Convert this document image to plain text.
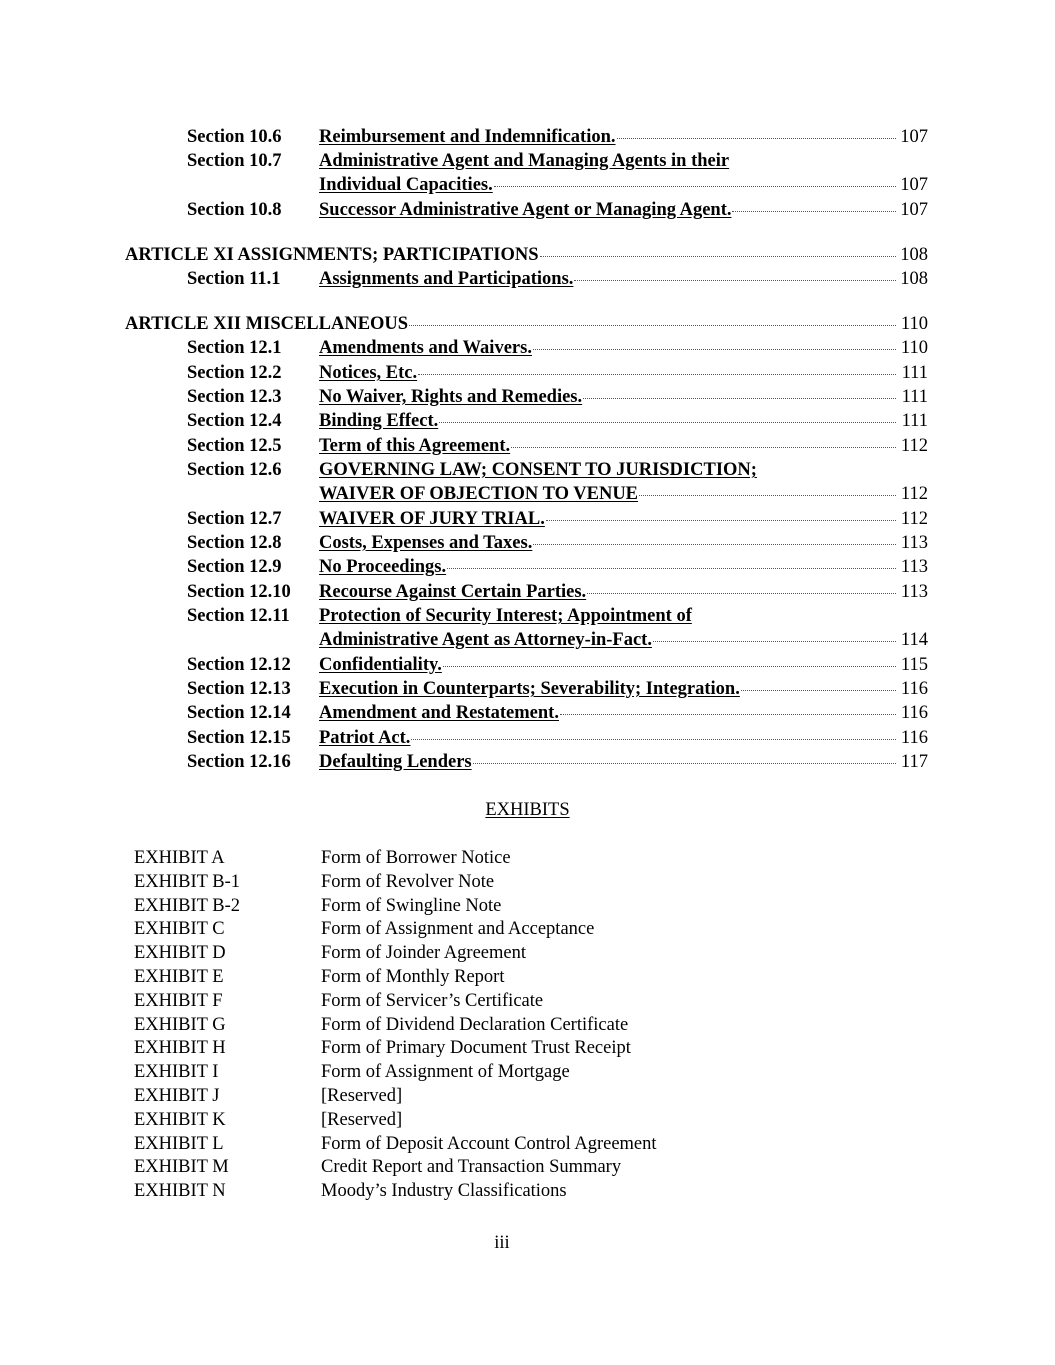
Section 10.6 Reimbursement and Indemnification.	107
Section 10.7 Administrative Agent and Managing Agents in their
Individual Capacities.	107
Section 10.8 Successor Administrative Agent or Managing Agent.	107
ARTICLE XI ASSIGNMENTS; PARTICIPATIONS	108
Section 11.1 Assignments and Participations.	108
ARTICLE XII MISCELLANEOUS	110
Section 12.1 Amendments and Waivers.	110
Section 12.2 Notices, Etc.	111
Section 12.3 No Waiver, Rights and Remedies.	111
Section 12.4 Binding Effect.	111
Section 12.5 Term of this Agreement.	112
Section 12.6 GOVERNING LAW; CONSENT TO JURISDICTION;
WAIVER OF OBJECTION TO VENUE	112
Section 12.7 WAIVER OF JURY TRIAL.	112
Section 12.8 Costs, Expenses and Taxes.	113
Section 12.9 No Proceedings.	113
Section 12.10 Recourse Against Certain Parties.	113
Section 12.11 Protection of Security Interest; Appointment of
Administrative Agent as Attorney-in-Fact.	114
Section 12.12 Confidentiality.	115
Section 12.13 Execution in Counterparts; Severability; Integration.	116
Section 12.14 Amendment and Restatement.	116
Section 12.15 Patriot Act.	116
Section 12.16 Defaulting Lenders	117
EXHIBITS
EXHIBIT A	Form of Borrower Notice
EXHIBIT B-1	Form of Revolver Note
EXHIBIT B-2	Form of Swingline Note
EXHIBIT C	Form of Assignment and Acceptance
EXHIBIT D	Form of Joinder Agreement
EXHIBIT E	Form of Monthly Report
EXHIBIT F	Form of Servicer’s Certificate
EXHIBIT G	Form of Dividend Declaration Certificate
EXHIBIT H	Form of Primary Document Trust Receipt
EXHIBIT I	Form of Assignment of Mortgage
EXHIBIT J	[Reserved]
EXHIBIT K	[Reserved]
EXHIBIT L	Form of Deposit Account Control Agreement
EXHIBIT M	Credit Report and Transaction Summary
EXHIBIT N	Moody’s Industry Classifications
iii
